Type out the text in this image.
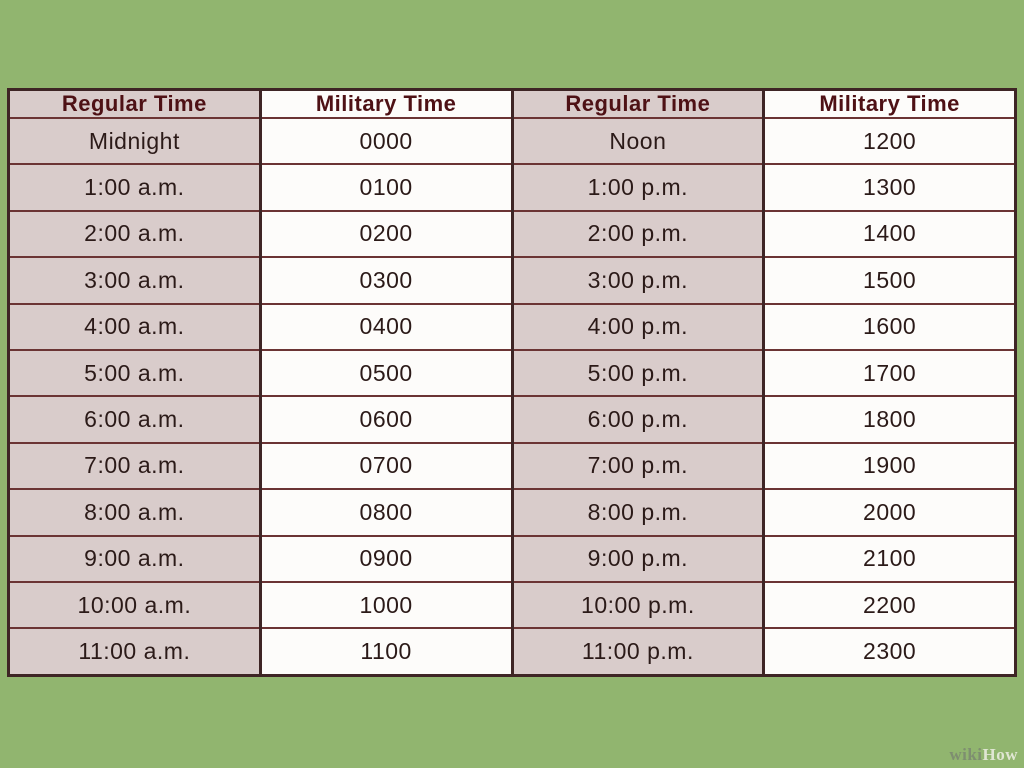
Regular Time	Military Time	Regular Time	Military Time
Midnight	0000	Noon	1200
1:00 a.m.	0100	1:00 p.m.	1300
2:00 a.m.	0200	2:00 p.m.	1400
3:00 a.m.	0300	3:00 p.m.	1500
4:00 a.m.	0400	4:00 p.m.	1600
5:00 a.m.	0500	5:00 p.m.	1700
6:00 a.m.	0600	6:00 p.m.	1800
7:00 a.m.	0700	7:00 p.m.	1900
8:00 a.m.	0800	8:00 p.m.	2000
9:00 a.m.	0900	9:00 p.m.	2100
10:00 a.m.	1000	10:00 p.m.	2200
11:00 a.m.	1100	11:00 p.m.	2300
wikiHow
